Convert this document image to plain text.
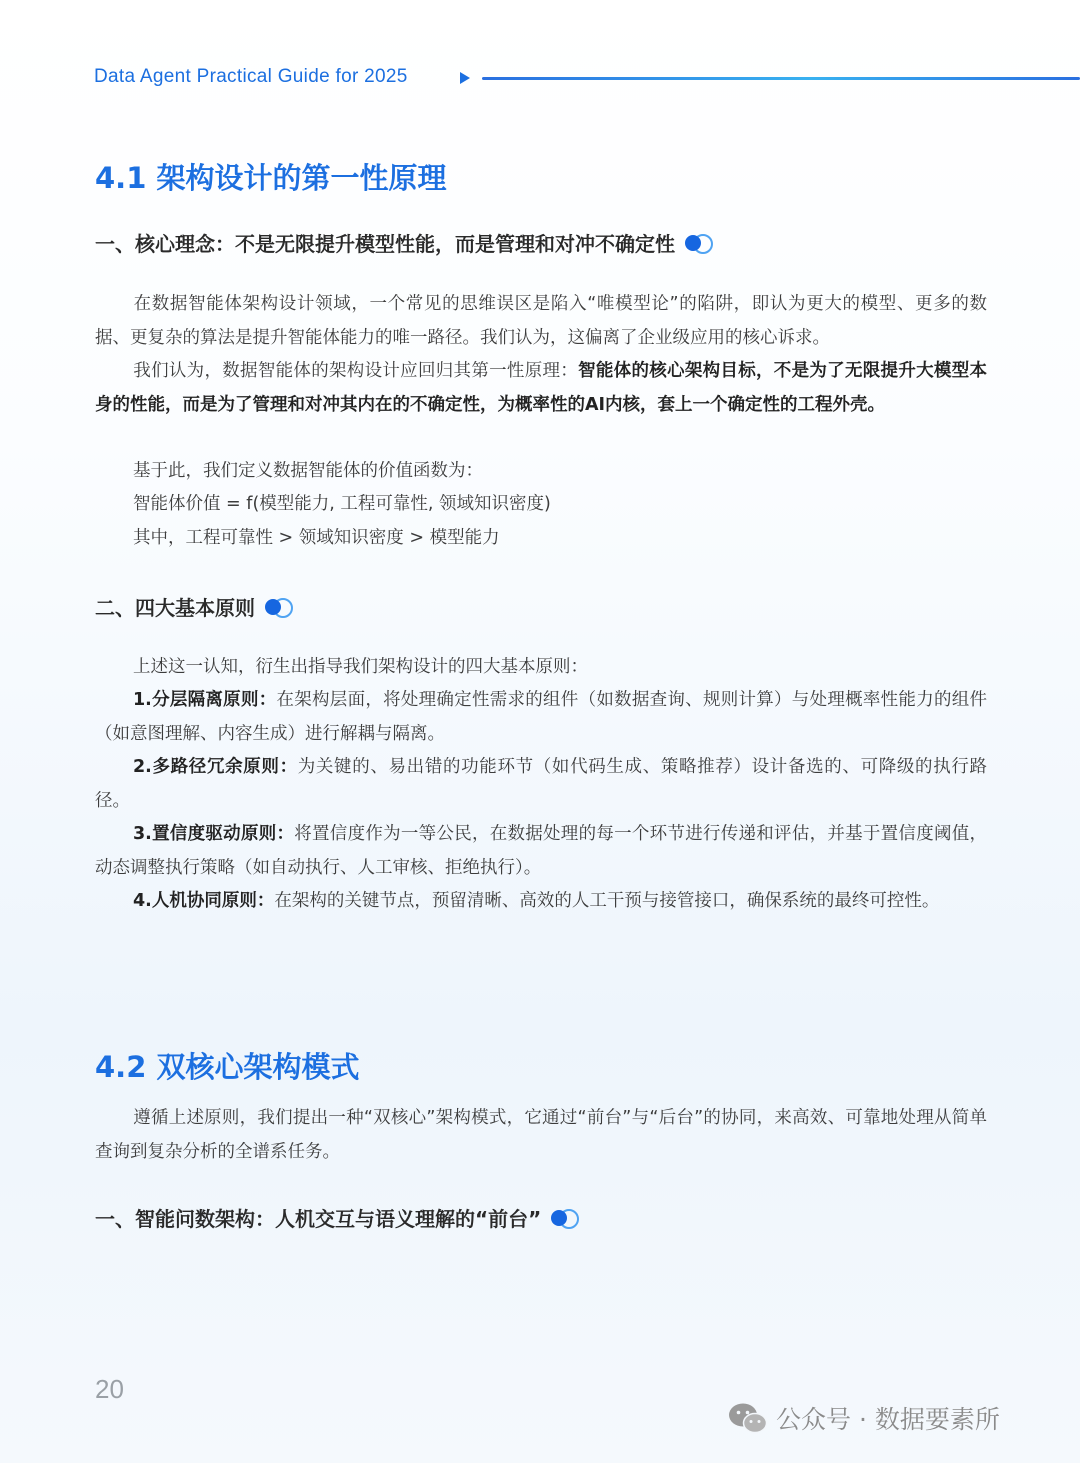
Data Agent Practical Guide for 2025
4.1 架构设计的第一性原理
一、核心理念：不是无限提升模型性能，而是管理和对冲不确定性

在数据智能体架构设计领域，一个常见的思维误区是陷入“唯模型论”的陷阱，即认为更大的模型、更多的数据、更复杂的算法是提升智能体能力的唯一路径。我们认为，这偏离了企业级应用的核心诉求。

我们认为，数据智能体的架构设计应回归其第一性原理：智能体的核心架构目标，不是为了无限提升大模型本身的性能，而是为了管理和对冲其内在的不确定性，为概率性的AI内核，套上一个确定性的工程外壳。

基于此，我们定义数据智能体的价值函数为：
智能体价值 = f(模型能力, 工程可靠性, 领域知识密度)
其中，工程可靠性 > 领域知识密度 > 模型能力
二、四大基本原则
上述这一认知，衍生出指导我们架构设计的四大基本原则：

1.分层隔离原则：在架构层面，将处理确定性需求的组件（如数据查询、规则计算）与处理概率性能力的组件（如意图理解、内容生成）进行解耦与隔离。

2.多路径冗余原则：为关键的、易出错的功能环节（如代码生成、策略推荐）设计备选的、可降级的执行路径。

3.置信度驱动原则：将置信度作为一等公民，在数据处理的每一个环节进行传递和评估，并基于置信度阈值，动态调整执行策略（如自动执行、人工审核、拒绝执行）。

4.人机协同原则：在架构的关键节点，预留清晰、高效的人工干预与接管接口，确保系统的最终可控性。

4.2 双核心架构模式

遵循上述原则，我们提出一种“双核心”架构模式，它通过“前台”与“后台”的协同，来高效、可靠地处理从简单查询到复杂分析的全谱系任务。

一、智能问数架构：人机交互与语义理解的“前台”
20
公众号 · 数据要素所
